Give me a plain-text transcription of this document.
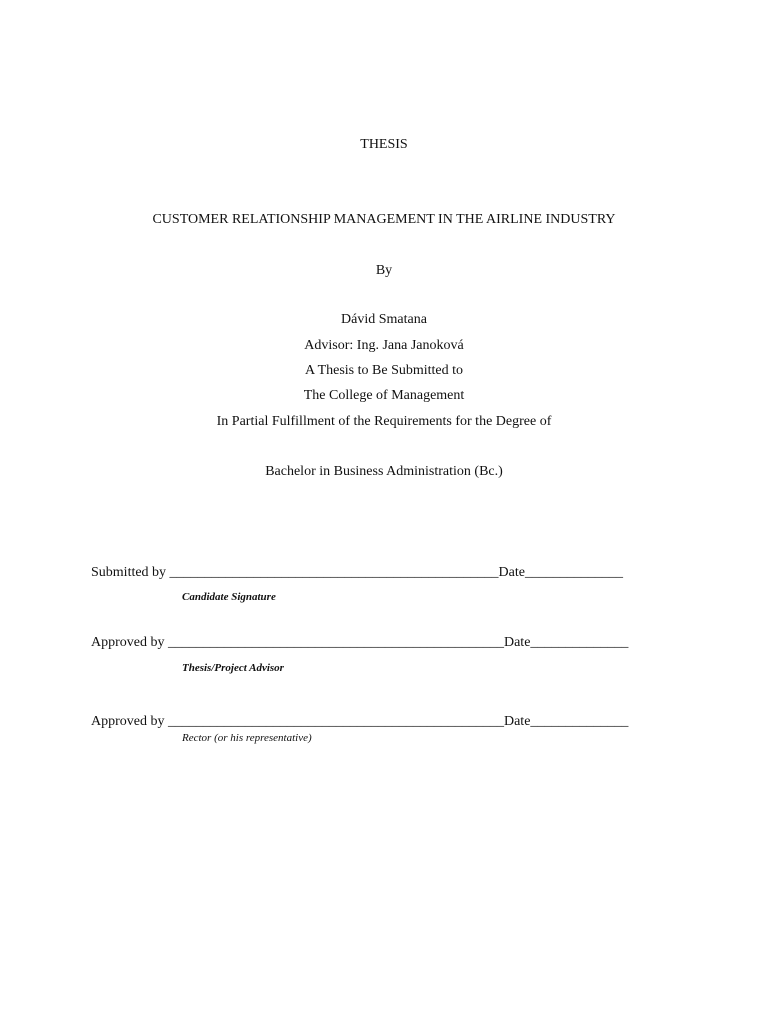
THESIS
CUSTOMER RELATIONSHIP MANAGEMENT IN THE AIRLINE INDUSTRY
By
Dávid Smatana
Advisor: Ing. Jana Janoková
A Thesis to Be Submitted to
The College of Management
In Partial Fulfillment of the Requirements for the Degree of
Bachelor in Business Administration (Bc.)
Submitted by _______________________________________________Date______________
Candidate Signature
Approved by ________________________________________________Date______________
Thesis/Project Advisor
Approved by ________________________________________________Date______________
Rector (or his representative)
